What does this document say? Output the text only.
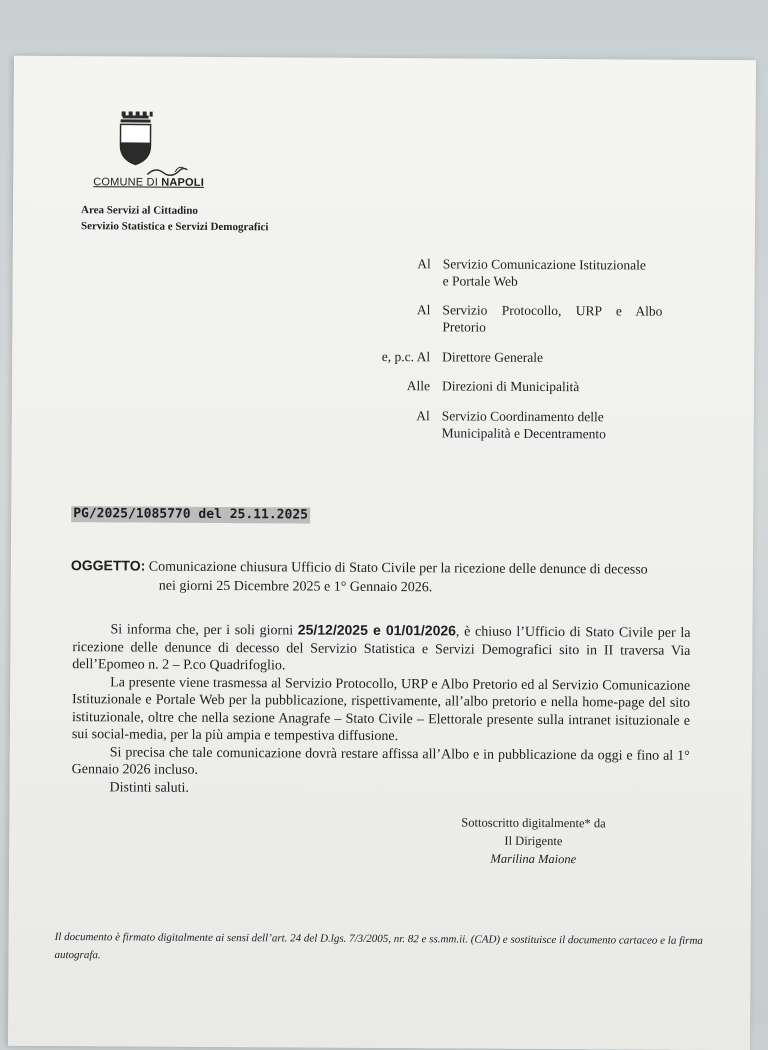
COMUNE DI NAPOLI
Area Servizi al Cittadino
Servizio Statistica e Servizi Demografici
Al Servizio Comunicazione Istituzionale
e Portale Web
Al Servizio Protocollo, URP e Albo
Pretorio
e, p.c. Al Direttore Generale
Alle Direzioni di Municipalità
Al Servizio Coordinamento delle
Municipalità e Decentramento
PG/2025/1085770 del 25.11.2025
OGGETTO: Comunicazione chiusura Ufficio di Stato Civile per la ricezione delle denunce di decesso
nei giorni 25 Dicembre 2025 e 1° Gennaio 2026.

Si informa che, per i soli giorni 25/12/2025 e 01/01/2026, è chiuso l’Ufficio di Stato Civile per la ricezione delle denunce di decesso del Servizio Statistica e Servizi Demografici sito in II traversa Via dell’Epomeo n. 2 – P.co Quadrifoglio.

La presente viene trasmessa al Servizio Protocollo, URP e Albo Pretorio ed al Servizio Comunicazione Istituzionale e Portale Web per la pubblicazione, rispettivamente, all’albo pretorio e nella home-page del sito istituzionale, oltre che nella sezione Anagrafe – Stato Civile – Elettorale presente sulla intranet isituzionale e sui social-media, per la più ampia e tempestiva diffusione.

Si precisa che tale comunicazione dovrà restare affissa all’Albo e in pubblicazione da oggi e fino al 1° Gennaio 2026 incluso.

Distinti saluti.

Sottoscritto digitalmente* da
Il Dirigente
Marilina Maione
Il documento è firmato digitalmente ai sensi dell’art. 24 del D.lgs. 7/3/2005, nr. 82 e ss.mm.ii. (CAD) e sostituisce il documento cartaceo e la firma autografa.
